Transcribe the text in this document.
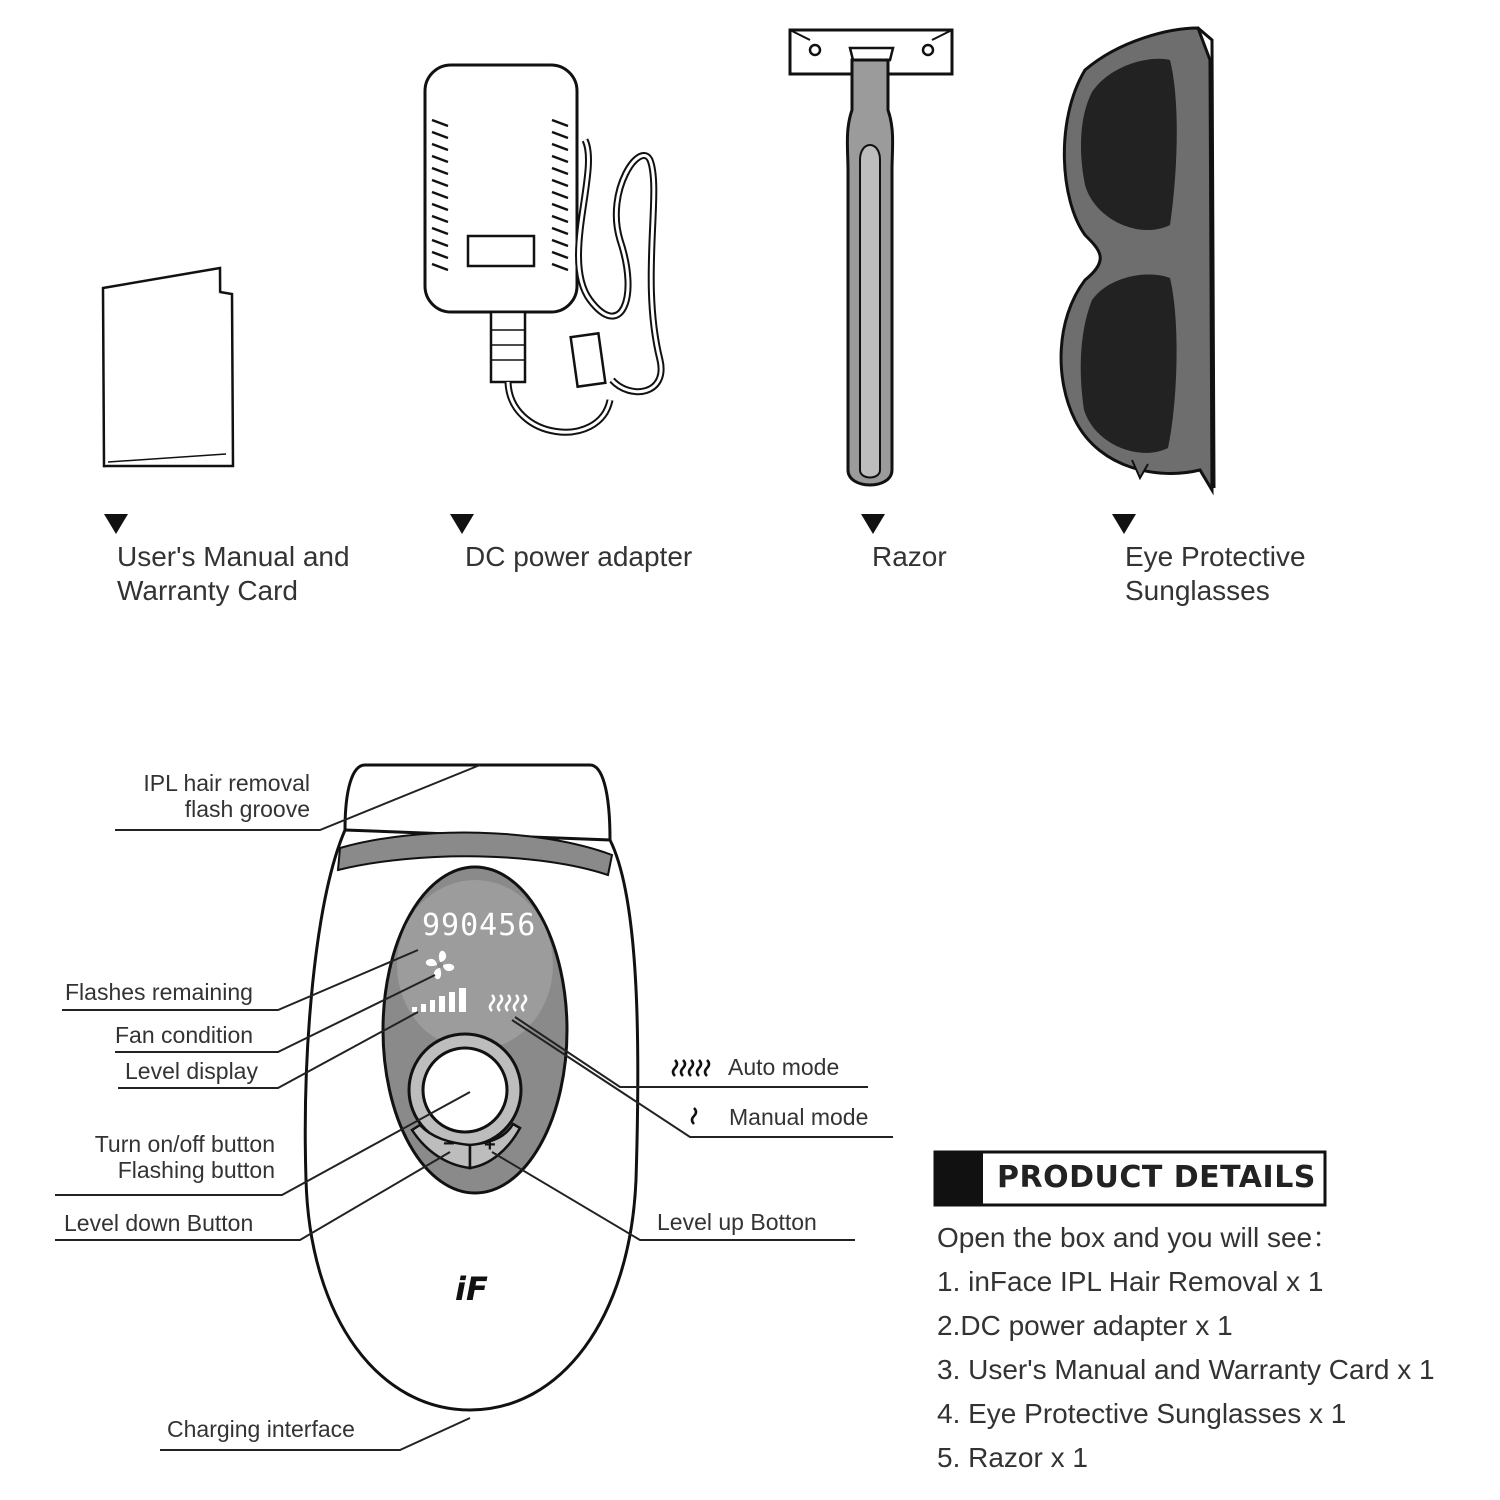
User's Manual and
Warranty Card
DC power adapter	Razor	Eye Protective
Sunglasses
990456
− +
iF
IPL hair removal
flash groove
Flashes remaining
Fan condition
Level display
Turn on/off button
Flashing button
Level down Button
Charging interface
Auto mode
Manual mode
Level up Botton
PRODUCT DETAILS
Open the box and you will see：
1. inFace IPL Hair Removal x 1
2.DC power adapter x 1
3. User's Manual and Warranty Card x 1
4. Eye Protective Sunglasses x 1
5. Razor x 1
